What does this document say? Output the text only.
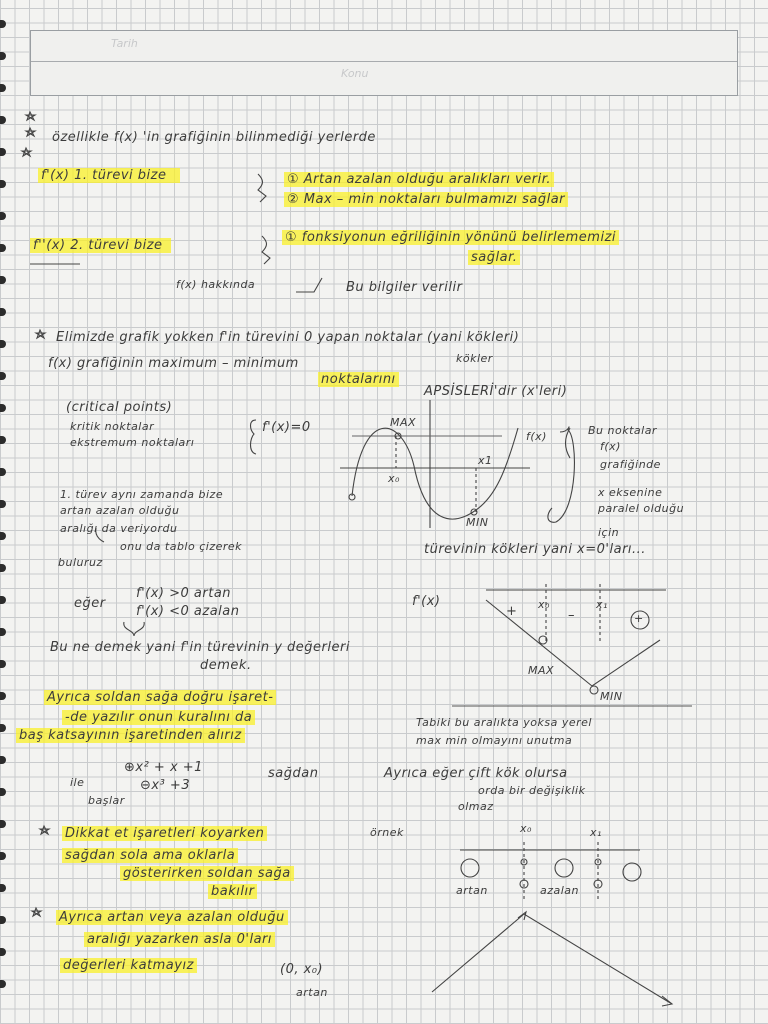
Tarih
Konu
özellikle f(x) 'in grafiğinin bilinmediği yerlerde
f'(x) 1. türevi bize	① Artan azalan olduğu aralıkları verir.
② Max – min noktaları bulmamızı sağlar
f''(x) 2. türevi bize
① fonksiyonun eğriliğinin yönünü belirlememizi
sağlar.
f(x) hakkında	Bu bilgiler verilir
Elimizde grafik yokken f'in türevini 0 yapan noktalar (yani kökleri)
f(x) grafiğinin maximum – minimum	kökler
noktalarını
APSİSLERİ'dir (x'leri)
(critical points)
kritik noktalar
ekstremum noktaları
f'(x)=0	MAX
x₀
x1
MIN
f(x)	Bu noktalar
f(x)
grafiğinde
x eksenine
paralel olduğu
için
1. türev aynı zamanda bize
artan azalan olduğu
aralığı da veriyordu
onu da tablo çizerek
buluruz
türevinin kökleri yani x=0'ları...
eğer
f'(x) >0 artan
f'(x) <0 azalan
f'(x)
+ x₀
–
x₁
+
Bu ne demek yani f'in türevinin y değerleri
demek.	MAX
MIN
Ayrıca soldan sağa doğru işaret-
-de yazılır onun kuralını da
baş katsayının işaretinden alırız
Tabiki bu aralıkta yoksa yerel
max min olmayını unutma
⊕x² + x +1
⊖x³ +3
ile
başlar
sağdan	Ayrıca eğer çift kök olursa
orda bir değişiklik
olmaz
Dikkat et işaretleri koyarken	örnek
sağdan sola ama oklarla
gösterirken soldan sağa
bakılır
x₀	x₁
artan	azalan
Ayrıca artan veya azalan olduğu
aralığı yazarken asla 0'ları
değerleri katmayız	(0, x₀)
artan
